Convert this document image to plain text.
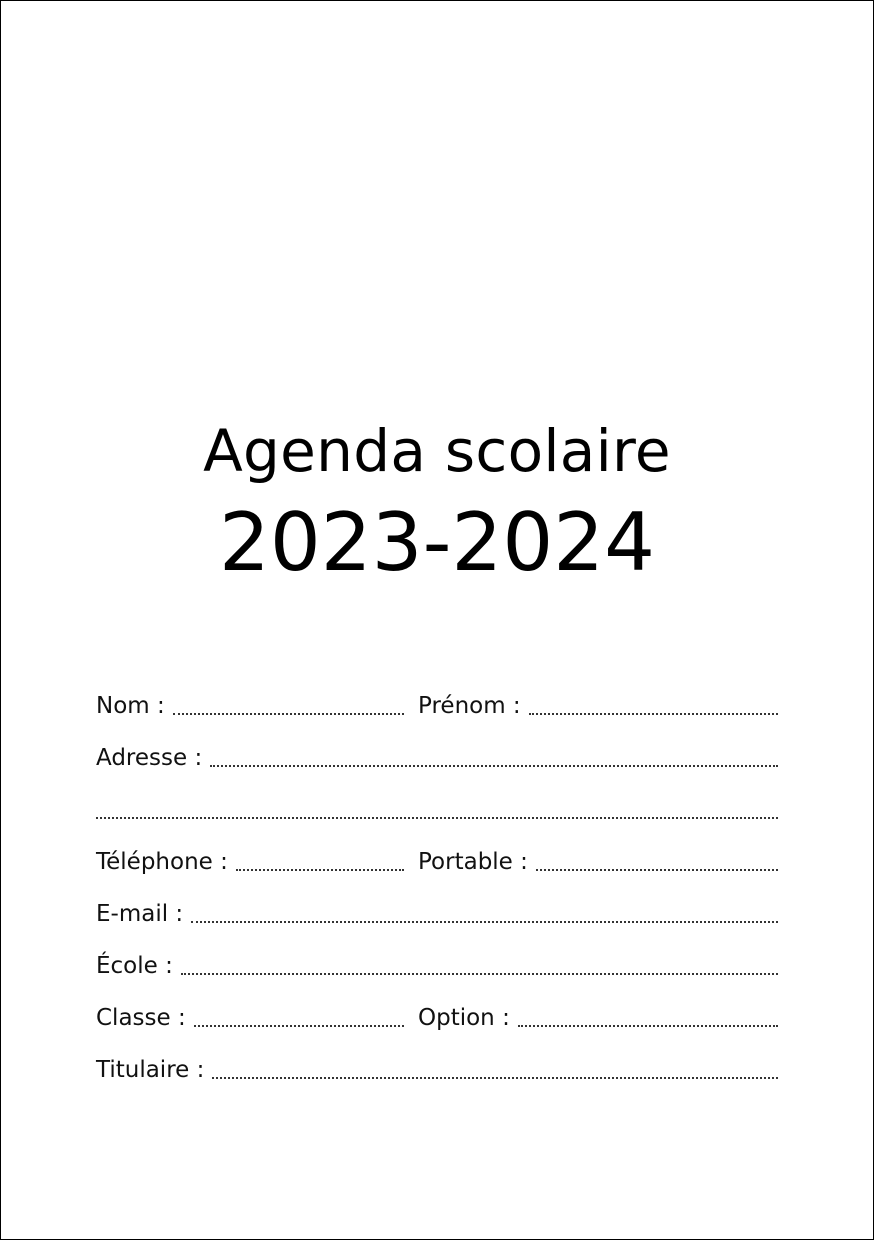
Agenda scolaire
2023-2024
Nom :	Prénom :
Adresse :
Téléphone :	Portable :
E-mail :
École :
Classe :	Option :
Titulaire :
